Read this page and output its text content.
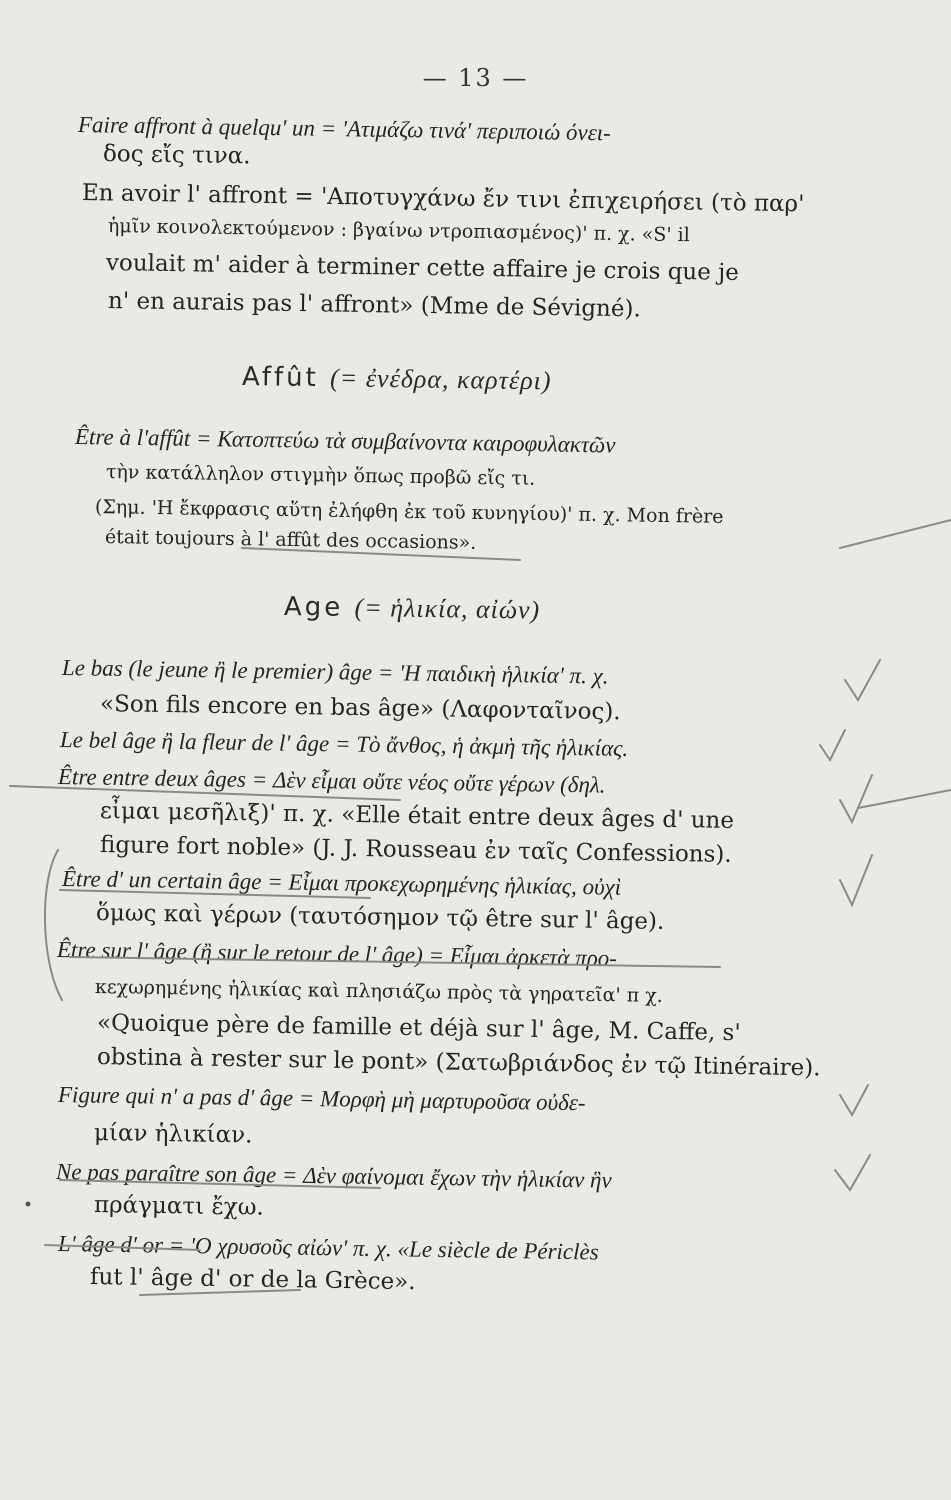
— 13 —
Faire affront à quelqu' un = 'Ατιμάζω τινά' περιποιώ όνει-
δος εἴς τινα.
En avoir l' affront = 'Αποτυγχάνω ἔν τινι ἐπιχειρήσει (τὸ παρ'
ἡμῖν κοινολεκτούμενον : βγαίνω ντροπιασμένος)' π. χ. «S' il
voulait m' aider à terminer cette affaire je crois que je
n' en aurais pas l' affront» (Mme de Sévigné).
Affût (= ἐνέδρα, καρτέρι)
Être à l'affût = Κατοπτεύω τὰ συμβαίνοντα καιροφυλακτῶν
τὴν κατάλληλον στιγμὴν ὅπως προβῶ εἴς τι.
(Σημ. 'Η ἔκφρασις αὕτη ἐλήφθη ἐκ τοῦ κυνηγίου)' π. χ. Mon frère
était toujours à l' affût des occasions».
Age (= ἡλικία, αἰών)
Le bas (le jeune ἢ le premier) âge = 'Η παιδικὴ ἡλικία' π. χ.
«Son fils encore en bas âge» (Λαφονταῖνος).
Le bel âge ἢ la fleur de l' âge = Τὸ ἄνθος, ἡ ἀκμὴ τῆς ἡλικίας.
Être entre deux âges = Δὲν εἶμαι οὔτε νέος οὔτε γέρων (δηλ.
εἶμαι μεσῆλιξ)' π. χ. «Elle était entre deux âges d' une
figure fort noble» (J. J. Rousseau ἐν ταῖς Confessions).
Être d' un certain âge = Εἶμαι προκεχωρημένης ἡλικίας, οὐχὶ
ὅμως καὶ γέρων (ταυτόσημον τῷ être sur l' âge).
Être sur l' âge (ἢ sur le retour de l' âge) = Εἶμαι ἀρκετὰ προ-
κεχωρημένης ἡλικίας καὶ πλησιάζω πρὸς τὰ γηρατεῖα' π χ.
«Quoique père de famille et déjà sur l' âge, M. Caffe, s'
obstina à rester sur le pont» (Σατωβριάνδος ἐν τῷ Itinéraire).
Figure qui n' a pas d' âge = Μορφὴ μὴ μαρτυροῦσα οὐδε-
μίαν ἡλικίαν.
Ne pas paraître son âge = Δὲν φαίνομαι ἔχων τὴν ἡλικίαν ἣν
πράγματι ἔχω.
L' âge d' or = 'Ο χρυσοῦς αἰών' π. χ. «Le siècle de Périclès
fut l' âge d' or de la Grèce».
